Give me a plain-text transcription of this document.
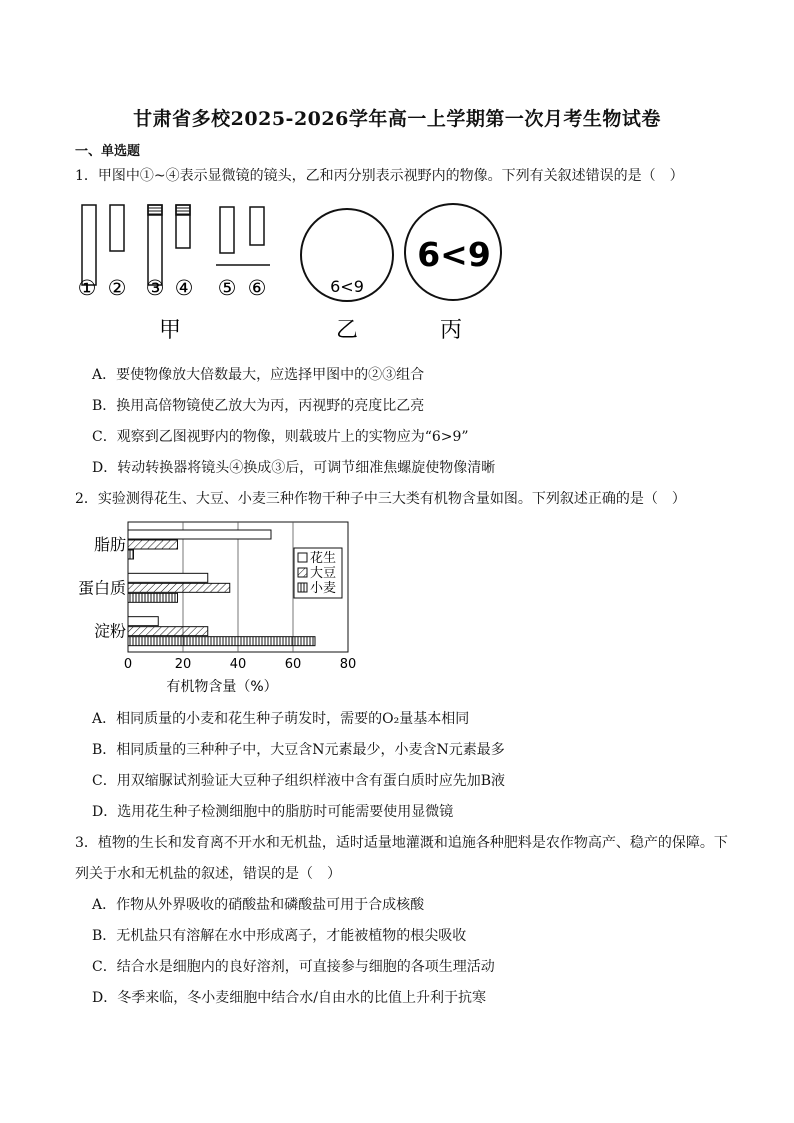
甘肃省多校2025-2026学年高一上学期第一次月考生物试卷
一、单选题
1．甲图中①~④表示显微镜的镜头，乙和丙分别表示视野内的物像。下列有关叙述错误的是（　）
① ② ③ ④ ⑤ ⑥	6<9
6<9
甲	乙	丙
A．要使物像放大倍数最大，应选择甲图中的②③组合
B．换用高倍物镜使乙放大为丙，丙视野的亮度比乙亮
C．观察到乙图视野内的物像，则载玻片上的实物应为“6>9”
D．转动转换器将镜头④换成③后，可调节细准焦螺旋使物像清晰
2．实验测得花生、大豆、小麦三种作物干种子中三大类有机物含量如图。下列叙述正确的是（　）
脂肪
蛋白质
淀粉
0	20	40	60	80
花生
大豆
小麦
有机物含量（%）
A．相同质量的小麦和花生种子萌发时，需要的O₂量基本相同
B．相同质量的三种种子中，大豆含N元素最少，小麦含N元素最多
C．用双缩脲试剂验证大豆种子组织样液中含有蛋白质时应先加B液
D．选用花生种子检测细胞中的脂肪时可能需要使用显微镜
3．植物的生长和发育离不开水和无机盐，适时适量地灌溉和追施各种肥料是农作物高产、稳产的保障。下
列关于水和无机盐的叙述，错误的是（　）
A．作物从外界吸收的硝酸盐和磷酸盐可用于合成核酸
B．无机盐只有溶解在水中形成离子，才能被植物的根尖吸收
C．结合水是细胞内的良好溶剂，可直接参与细胞的各项生理活动
D．冬季来临，冬小麦细胞中结合水/自由水的比值上升利于抗寒
